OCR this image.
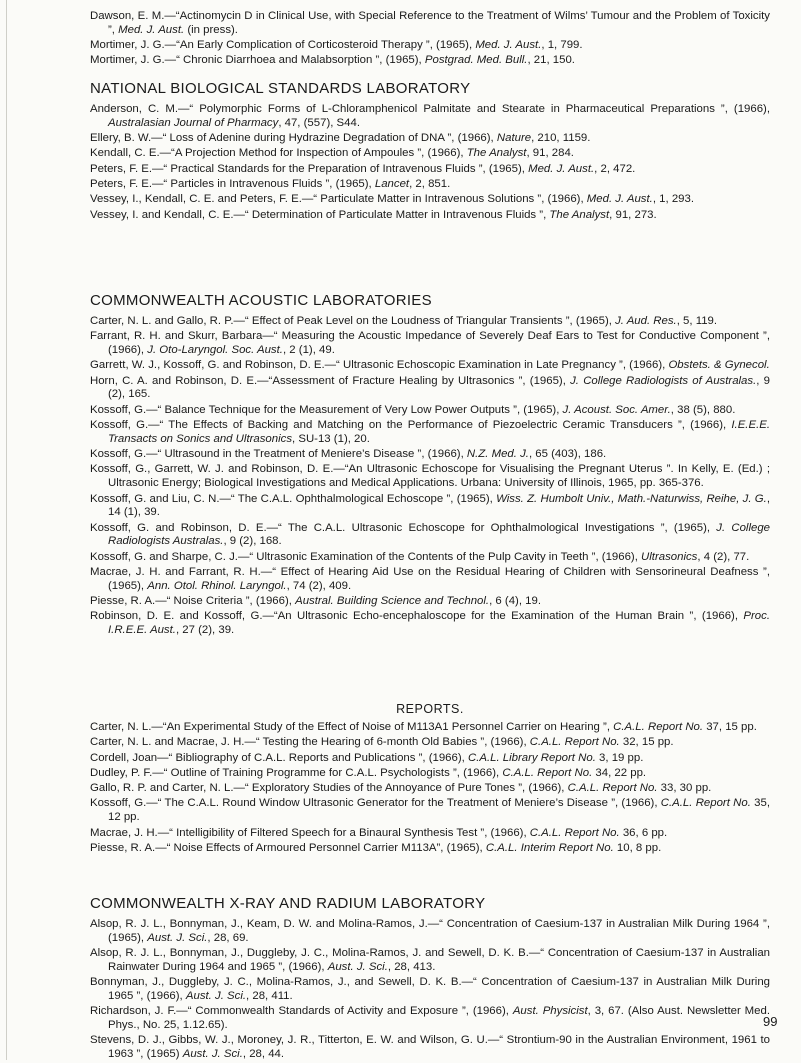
Dawson, E. M.—“Actinomycin D in Clinical Use, with Special Reference to the Treatment of Wilms’ Tumour and the Problem of Toxicity ”, Med. J. Aust. (in press).

Mortimer, J. G.—“An Early Complication of Corticosteroid Therapy ”, (1965), Med. J. Aust., 1, 799.

Mortimer, J. G.—“ Chronic Diarrhoea and Malabsorption ”, (1965), Postgrad. Med. Bull., 21, 150.

NATIONAL BIOLOGICAL STANDARDS LABORATORY

Anderson, C. M.—“ Polymorphic Forms of L-Chloramphenicol Palmitate and Stearate in Pharmaceutical Preparations ”, (1966), Australasian Journal of Pharmacy, 47, (557), S44.

Ellery, B. W.—“ Loss of Adenine during Hydrazine Degradation of DNA ”, (1966), Nature, 210, 1159.

Kendall, C. E.—“A Projection Method for Inspection of Ampoules ”, (1966), The Analyst, 91, 284.

Peters, F. E.—“ Practical Standards for the Preparation of Intravenous Fluids ”, (1965), Med. J. Aust., 2, 472.

Peters, F. E.—“ Particles in Intravenous Fluids ”, (1965), Lancet, 2, 851.

Vessey, I., Kendall, C. E. and Peters, F. E.—“ Particulate Matter in Intravenous Solutions ”, (1966), Med. J. Aust., 1, 293.

Vessey, I. and Kendall, C. E.—“ Determination of Particulate Matter in Intravenous Fluids ”, The Analyst, 91, 273.

COMMONWEALTH ACOUSTIC LABORATORIES

Carter, N. L. and Gallo, R. P.—“ Effect of Peak Level on the Loudness of Triangular Transients ”, (1965), J. Aud. Res., 5, 119.

Farrant, R. H. and Skurr, Barbara—“ Measuring the Acoustic Impedance of Severely Deaf Ears to Test for Conductive Component ”, (1966), J. Oto-Laryngol. Soc. Aust., 2 (1), 49.

Garrett, W. J., Kossoff, G. and Robinson, D. E.—“ Ultrasonic Echoscopic Examination in Late Pregnancy ”, (1966), Obstets. & Gynecol.

Horn, C. A. and Robinson, D. E.—“Assessment of Fracture Healing by Ultrasonics ”, (1965), J. College Radiologists of Australas., 9 (2), 165.

Kossoff, G.—“ Balance Technique for the Measurement of Very Low Power Outputs ”, (1965), J. Acoust. Soc. Amer., 38 (5), 880.

Kossoff, G.—“ The Effects of Backing and Matching on the Performance of Piezoelectric Ceramic Transducers ”, (1966), I.E.E.E. Transacts on Sonics and Ultrasonics, SU-13 (1), 20.

Kossoff, G.—“ Ultrasound in the Treatment of Meniere’s Disease ”, (1966), N.Z. Med. J., 65 (403), 186.

Kossoff, G., Garrett, W. J. and Robinson, D. E.—“An Ultrasonic Echoscope for Visualising the Pregnant Uterus ”. In Kelly, E. (Ed.) ; Ultrasonic Energy; Biological Investigations and Medical Applications. Urbana: University of Illinois, 1965, pp. 365-376.

Kossoff, G. and Liu, C. N.—“ The C.A.L. Ophthalmological Echoscope ”, (1965), Wiss. Z. Humbolt Univ., Math.-Naturwiss, Reihe, J. G., 14 (1), 39.

Kossoff, G. and Robinson, D. E.—“ The C.A.L. Ultrasonic Echoscope for Ophthalmological Investigations ”, (1965), J. College Radiologists Australas., 9 (2), 168.

Kossoff, G. and Sharpe, C. J.—“ Ultrasonic Examination of the Contents of the Pulp Cavity in Teeth ”, (1966), Ultrasonics, 4 (2), 77.

Macrae, J. H. and Farrant, R. H.—“ Effect of Hearing Aid Use on the Residual Hearing of Children with Sensorineural Deafness ”, (1965), Ann. Otol. Rhinol. Laryngol., 74 (2), 409.

Piesse, R. A.—“ Noise Criteria ”, (1966), Austral. Building Science and Technol., 6 (4), 19.

Robinson, D. E. and Kossoff, G.—“An Ultrasonic Echo-encephaloscope for the Examination of the Human Brain ”, (1966), Proc. I.R.E.E. Aust., 27 (2), 39.

REPORTS.

Carter, N. L.—“An Experimental Study of the Effect of Noise of M113A1 Personnel Carrier on Hearing ”, C.A.L. Report No. 37, 15 pp.

Carter, N. L. and Macrae, J. H.—“ Testing the Hearing of 6-month Old Babies ”, (1966), C.A.L. Report No. 32, 15 pp.

Cordell, Joan—“ Bibliography of C.A.L. Reports and Publications ”, (1966), C.A.L. Library Report No. 3, 19 pp.

Dudley, P. F.—“ Outline of Training Programme for C.A.L. Psychologists ”, (1966), C.A.L. Report No. 34, 22 pp.

Gallo, R. P. and Carter, N. L.—“ Exploratory Studies of the Annoyance of Pure Tones ”, (1966), C.A.L. Report No. 33, 30 pp.

Kossoff, G.—“ The C.A.L. Round Window Ultrasonic Generator for the Treatment of Meniere’s Disease ”, (1966), C.A.L. Report No. 35, 12 pp.

Macrae, J. H.—“ Intelligibility of Filtered Speech for a Binaural Synthesis Test ”, (1966), C.A.L. Report No. 36, 6 pp.

Piesse, R. A.—“ Noise Effects of Armoured Personnel Carrier M113A”, (1965), C.A.L. Interim Report No. 10, 8 pp.

COMMONWEALTH X-RAY AND RADIUM LABORATORY

Alsop, R. J. L., Bonnyman, J., Keam, D. W. and Molina-Ramos, J.—“ Concentration of Caesium-137 in Australian Milk During 1964 ”, (1965), Aust. J. Sci., 28, 69.

Alsop, R. J. L., Bonnyman, J., Duggleby, J. C., Molina-Ramos, J. and Sewell, D. K. B.—“ Concentration of Caesium-137 in Australian Rainwater During 1964 and 1965 ”, (1966), Aust. J. Sci., 28, 413.

Bonnyman, J., Duggleby, J. C., Molina-Ramos, J., and Sewell, D. K. B.—“ Concentration of Caesium-137 in Australian Milk During 1965 ”, (1966), Aust. J. Sci., 28, 411.

Richardson, J. F.—“ Commonwealth Standards of Activity and Exposure ”, (1966), Aust. Physicist, 3, 67. (Also Aust. Newsletter Med. Phys., No. 25, 1.12.65).

Stevens, D. J., Gibbs, W. J., Moroney, J. R., Titterton, E. W. and Wilson, G. U.—“ Strontium-90 in the Australian Environment, 1961 to 1963 ”, (1965) Aust. J. Sci., 28, 44.

99
